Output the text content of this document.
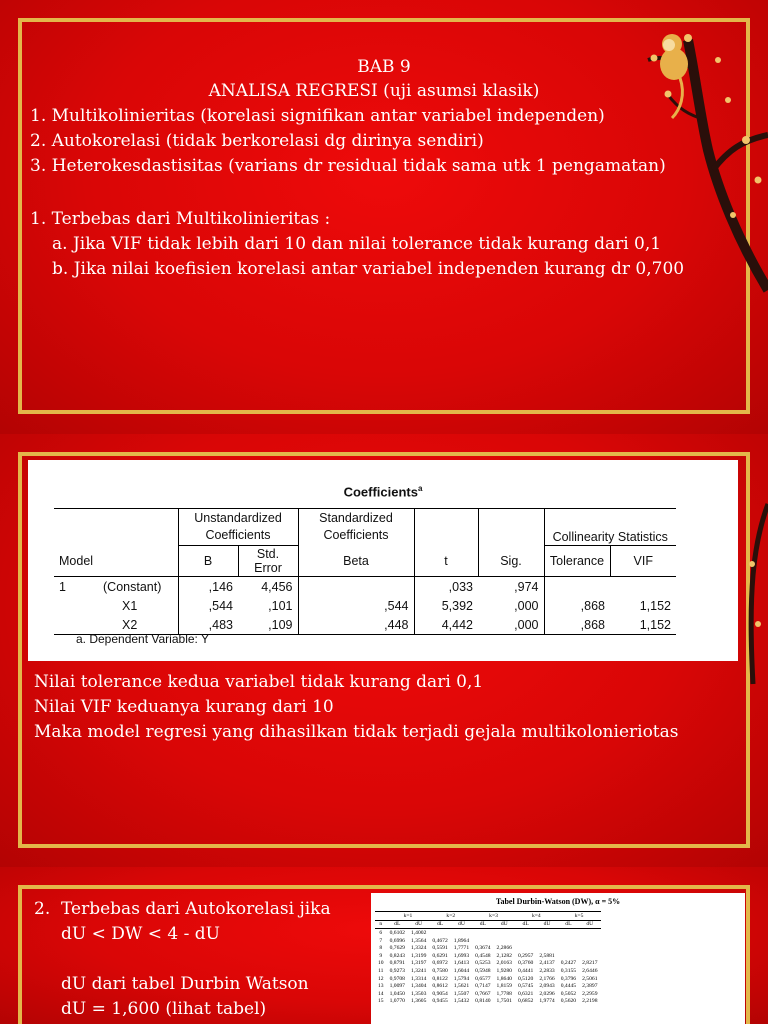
BAB 9
ANALISA REGRESI (uji asumsi klasik)
1. Multikolinieritas (korelasi signifikan antar variabel independen)
2. Autokorelasi (tidak berkorelasi dg dirinya sendiri)
3. Heterokesdastisitas (varians dr residual tidak sama utk 1 pengamatan)
1. Terbebas dari Multikolinieritas :
a. Jika VIF tidak lebih dari 10 dan nilai tolerance tidak kurang dari 0,1
b. Jika nilai koefisien korelasi antar variabel independen kurang dr 0,700
Coefficients$^a$
		Unstandardized Coefficients		Standardized Coefficients			Collinearity Statistics	

Model		B	Std. Error	Beta	t	Sig.	Tolerance	VIF
1	(Constant)	,146	4,456		,033	,974		
	X1	,544	,101	,544	5,392	,000	,868	1,152
	X2	,483	,109	,448	4,442	,000	,868	1,152
a. Dependent Variable: Y
Nilai tolerance kedua variabel tidak kurang dari 0,1
Nilai VIF keduanya kurang dari 10
Maka model regresi yang dihasilkan tidak terjadi gejala multikolonieriotas
2.  Terbebas dari Autokorelasi jika
dU < DW < 4 - dU
dU dari tabel Durbin Watson
dU = 1,600 (lihat tabel)
Tabel Durbin-Watson (DW), α = 5%
	k=1		k=2		k=3		k=4		k=5	
n	dL	dU	dL	dU	dL	dU	dL	dU	dL	dU
6	0,6102	1,4002								
7	0,6996	1,3564	0,4672	1,8964						
8	0,7629	1,3324	0,5591	1,7771	0,3674	2,2866				
9	0,8243	1,3199	0,6291	1,6993	0,4548	2,1282	0,2957	2,5881		
10	0,8791	1,3197	0,6972	1,6413	0,5253	2,0163	0,3760	2,4137	0,2427	2,8217
11	0,9273	1,3241	0,7580	1,6044	0,5948	1,9280	0,4441	2,2833	0,3155	2,6446
12	0,9708	1,3314	0,8122	1,5794	0,6577	1,8640	0,5120	2,1766	0,3796	2,5061
13	1,0097	1,3404	0,8612	1,5621	0,7147	1,8159	0,5745	2,0943	0,4445	2,3897
14	1,0450	1,3503	0,9054	1,5507	0,7667	1,7788	0,6321	2,0296	0,5052	2,2959
15	1,0770	1,3605	0,9455	1,5432	0,8140	1,7501	0,6852	1,9774	0,5620	2,2198
